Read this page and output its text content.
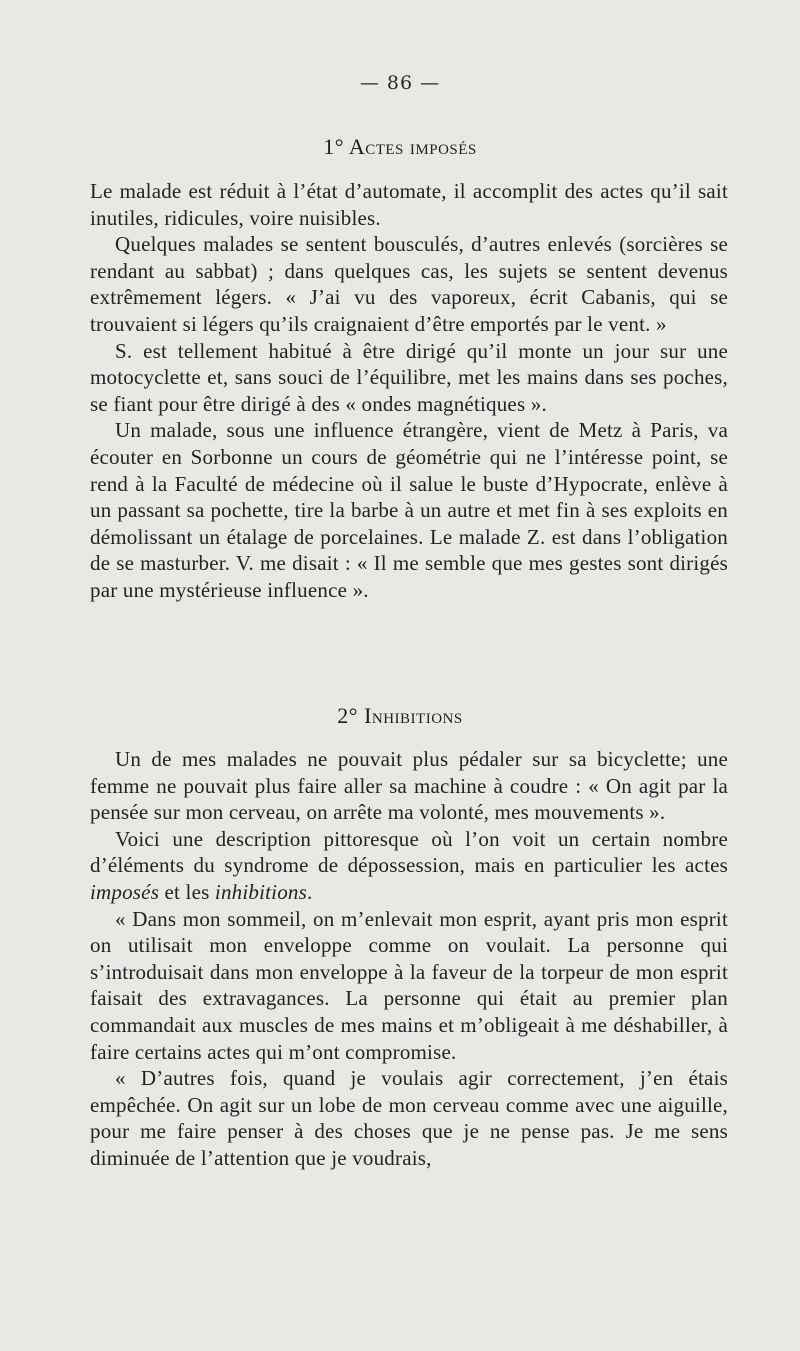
— 86 —
1° Actes imposés

Le malade est réduit à l’état d’automate, il accomplit des actes qu’il sait inutiles, ridicules, voire nuisibles.

Quelques malades se sentent bousculés, d’autres enlevés (sorcières se rendant au sabbat) ; dans quelques cas, les sujets se sentent devenus extrêmement légers. « J’ai vu des vaporeux, écrit Cabanis, qui se trouvaient si légers qu’ils craignaient d’être emportés par le vent. »

S. est tellement habitué à être dirigé qu’il monte un jour sur une motocyclette et, sans souci de l’équilibre, met les mains dans ses poches, se fiant pour être dirigé à des « ondes magnétiques ».

Un malade, sous une influence étrangère, vient de Metz à Paris, va écouter en Sorbonne un cours de géométrie qui ne l’intéresse point, se rend à la Faculté de médecine où il salue le buste d’Hypocrate, enlève à un passant sa pochette, tire la barbe à un autre et met fin à ses exploits en démolissant un étalage de porcelaines. Le malade Z. est dans l’obligation de se masturber. V. me disait : « Il me semble que mes gestes sont dirigés par une mystérieuse influence ».

2° Inhibitions

Un de mes malades ne pouvait plus pédaler sur sa bicyclette; une femme ne pouvait plus faire aller sa machine à coudre : « On agit par la pensée sur mon cerveau, on arrête ma volonté, mes mouvements ».

Voici une description pittoresque où l’on voit un certain nombre d’éléments du syndrome de dépossession, mais en particulier les actes imposés et les inhibitions.

« Dans mon sommeil, on m’enlevait mon esprit, ayant pris mon esprit on utilisait mon enveloppe comme on voulait. La personne qui s’introduisait dans mon enveloppe à la faveur de la torpeur de mon esprit faisait des extravagances. La personne qui était au premier plan commandait aux muscles de mes mains et m’obligeait à me déshabiller, à faire certains actes qui m’ont compromise.

« D’autres fois, quand je voulais agir correctement, j’en étais empêchée. On agit sur un lobe de mon cerveau comme avec une aiguille, pour me faire penser à des choses que je ne pense pas. Je me sens diminuée de l’attention que je voudrais,
